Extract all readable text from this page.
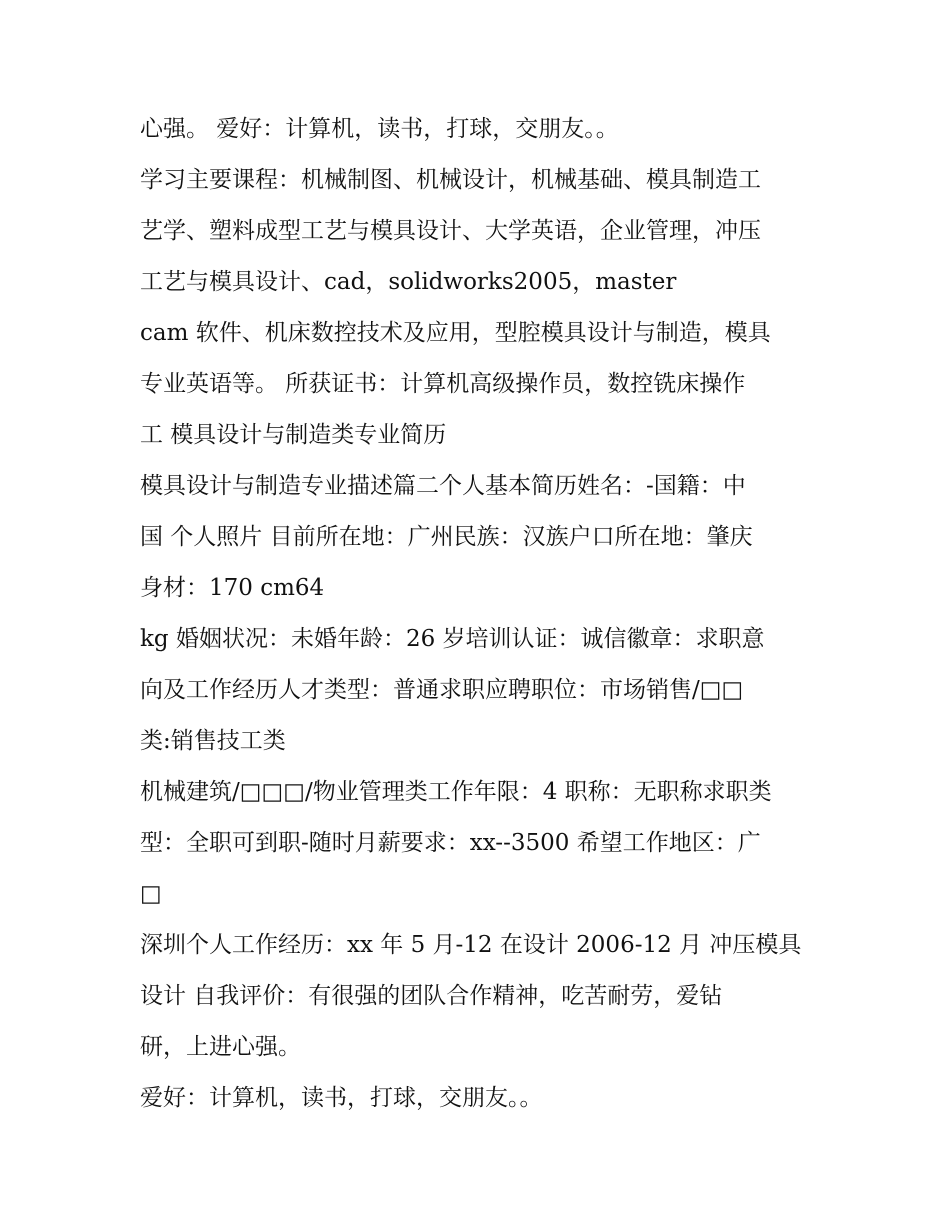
心强。 爱好：计算机，读书，打球，交朋友。。
学习主要课程：机械制图、机械设计，机械基础、模具制造工
艺学、塑料成型工艺与模具设计、大学英语，企业管理，冲压
工艺与模具设计、cad，solidworks2005，master
cam 软件、机床数控技术及应用，型腔模具设计与制造，模具
专业英语等。 所获证书：计算机高级操作员，数控铣床操作
工 模具设计与制造类专业简历
模具设计与制造专业描述篇二个人基本简历姓名：-国籍：中
国 个人照片 目前所在地：广州民族：汉族户口所在地：肇庆
身材：170 cm64
kg 婚姻状况：未婚年龄：26 岁培训认证：诚信徽章：求职意
向及工作经历人才类型：普通求职应聘职位：市场销售/□□
类:销售技工类
机械建筑/□□□/物业管理类工作年限：4 职称：无职称求职类
型：全职可到职-随时月薪要求：xx--3500 希望工作地区：广
□
深圳个人工作经历：xx 年 5 月-12 在设计 2006-12 月 冲压模具
设计 自我评价：有很强的团队合作精神，吃苦耐劳，爱钻
研，上进心强。
爱好：计算机，读书，打球，交朋友。。
